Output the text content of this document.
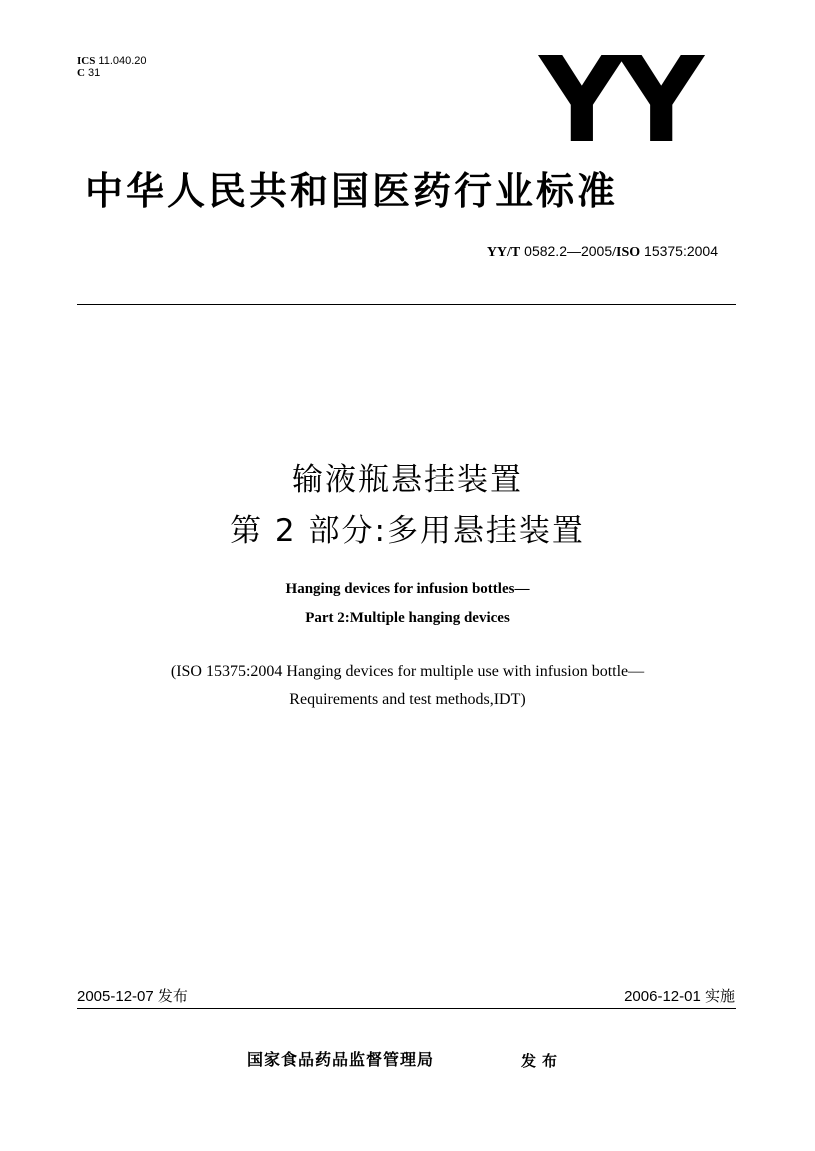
ICS 11.040.20
C 31	YY
中华人民共和国医药行业标准
YY/T 0582.2—2005/ISO 15375:2004
输液瓶悬挂装置
第 2 部分:多用悬挂装置
Hanging devices for infusion bottles—
Part 2:Multiple hanging devices
(ISO 15375:2004 Hanging devices for multiple use with infusion bottle—
Requirements and test methods,IDT)
2005-12-07 发布	2006-12-01 实施
国家食品药品监督管理局	发布
